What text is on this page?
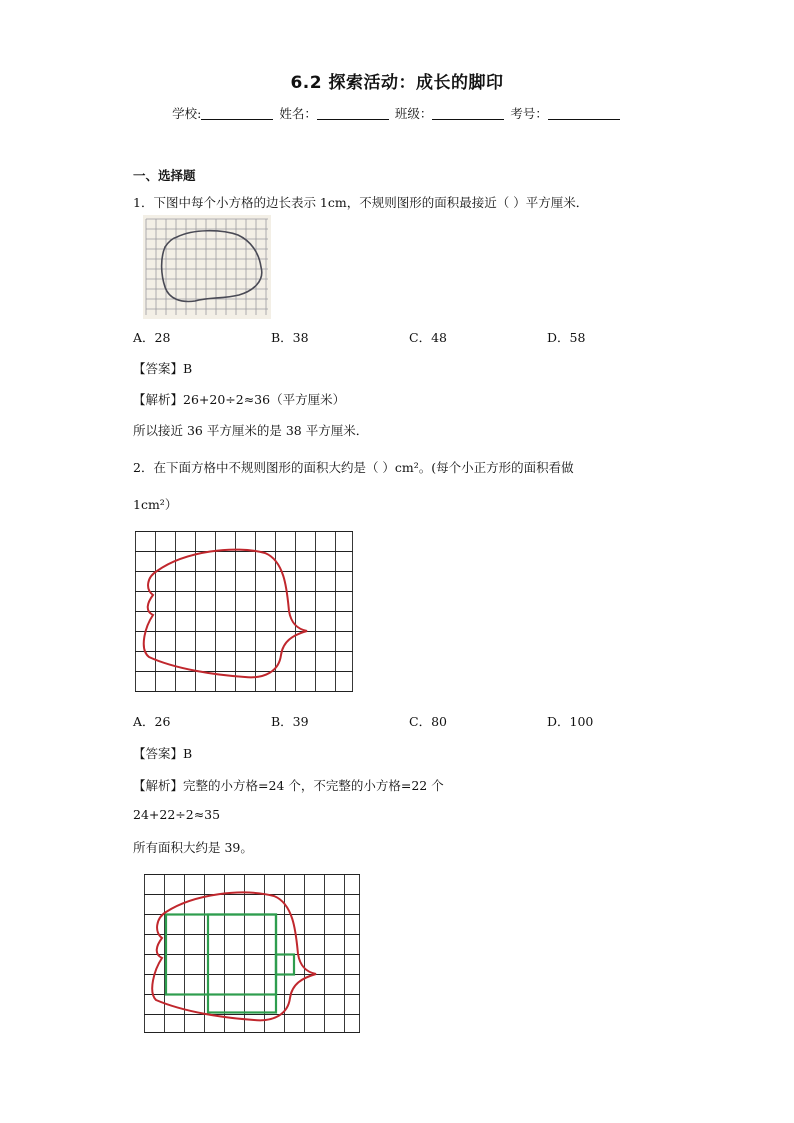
6.2 探索活动：成长的脚印
学校:	姓名：	班级：	考号：
一、选择题
1．下图中每个小方格的边长表示 1cm，不规则图形的面积最接近（ ）平方厘米．
A．28	B．38	C．48	D．58
【答案】B
【解析】26+20÷2≈36（平方厘米）
所以接近 36 平方厘米的是 38 平方厘米．
2．在下面方格中不规则图形的面积大约是（ ）cm²。(每个小正方形的面积看做
1cm²）
A．26	B．39	C．80	D．100
【答案】B
【解析】完整的小方格=24 个，不完整的小方格=22 个
24+22÷2≈35
所有面积大约是 39。
